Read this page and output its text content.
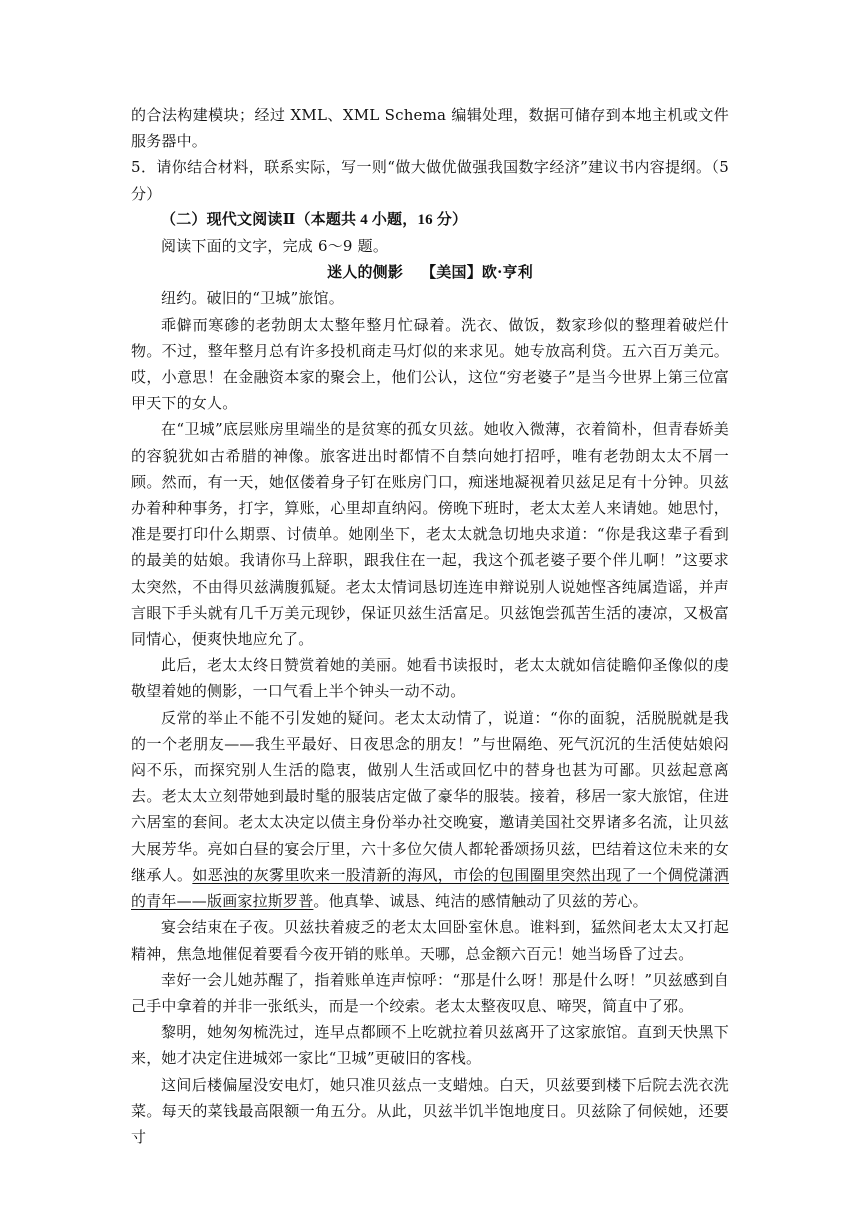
的合法构建模块；经过 XML、XML Schema 编辑处理，数据可储存到本地主机或文件服务器中。

5．请你结合材料，联系实际，写一则“做大做优做强我国数字经济”建议书内容提纲。（5 分）

（二）现代文阅读Ⅱ（本题共 4 小题，16 分）

阅读下面的文字，完成 6～9 题。

迷人的侧影 【美国】欧·亨利

纽约。破旧的“卫城”旅馆。

乖僻而寒碜的老勃朗太太整年整月忙碌着。洗衣、做饭，数家珍似的整理着破烂什物。不过，整年整月总有许多投机商走马灯似的来求见。她专放高利贷。五六百万美元。哎，小意思！在金融资本家的聚会上，他们公认，这位“穷老婆子”是当今世界上第三位富甲天下的女人。

在“卫城”底层账房里端坐的是贫寒的孤女贝兹。她收入微薄，衣着简朴，但青春娇美的容貌犹如古希腊的神像。旅客进出时都情不自禁向她打招呼，唯有老勃朗太太不屑一顾。然而，有一天，她伛偻着身子钉在账房门口，痴迷地凝视着贝兹足足有十分钟。贝兹办着种种事务，打字，算账，心里却直纳闷。傍晚下班时，老太太差人来请她。她思忖，准是要打印什么期票、讨债单。她刚坐下，老太太就急切地央求道：“你是我这辈子看到的最美的姑娘。我请你马上辞职，跟我住在一起，我这个孤老婆子要个伴儿啊！”这要求太突然，不由得贝兹满腹狐疑。老太太情词恳切连连申辩说别人说她悭吝纯属造谣，并声言眼下手头就有几千万美元现钞，保证贝兹生活富足。贝兹饱尝孤苦生活的凄凉，又极富同情心，便爽快地应允了。

此后，老太太终日赞赏着她的美丽。她看书读报时，老太太就如信徒瞻仰圣像似的虔敬望着她的侧影，一口气看上半个钟头一动不动。

反常的举止不能不引发她的疑问。老太太动情了，说道：“你的面貌，活脱脱就是我的一个老朋友——我生平最好、日夜思念的朋友！”与世隔绝、死气沉沉的生活使姑娘闷闷不乐，而探究别人生活的隐衷，做别人生活或回忆中的替身也甚为可鄙。贝兹起意离去。老太太立刻带她到最时髦的服装店定做了豪华的服装。接着，移居一家大旅馆，住进六居室的套间。老太太决定以债主身份举办社交晚宴，邀请美国社交界诸多名流，让贝兹大展芳华。亮如白昼的宴会厅里，六十多位欠债人都轮番颂扬贝兹，巴结着这位未来的女继承人。如恶浊的灰雾里吹来一股清新的海风，市侩的包围圈里突然出现了一个倜傥潇洒的青年——版画家拉斯罗普。他真挚、诚恳、纯洁的感情触动了贝兹的芳心。

宴会结束在子夜。贝兹扶着疲乏的老太太回卧室休息。谁料到，猛然间老太太又打起精神，焦急地催促着要看今夜开销的账单。天哪，总金额六百元！她当场昏了过去。

幸好一会儿她苏醒了，指着账单连声惊呼：“那是什么呀！那是什么呀！”贝兹感到自己手中拿着的并非一张纸头，而是一个绞索。老太太整夜叹息、啼哭，简直中了邪。

黎明，她匆匆梳洗过，连早点都顾不上吃就拉着贝兹离开了这家旅馆。直到天快黑下来，她才决定住进城郊一家比“卫城”更破旧的客栈。

这间后楼偏屋没安电灯，她只准贝兹点一支蜡烛。白天，贝兹要到楼下后院去洗衣洗菜。每天的菜钱最高限额一角五分。从此，贝兹半饥半饱地度日。贝兹除了伺候她，还要寸
